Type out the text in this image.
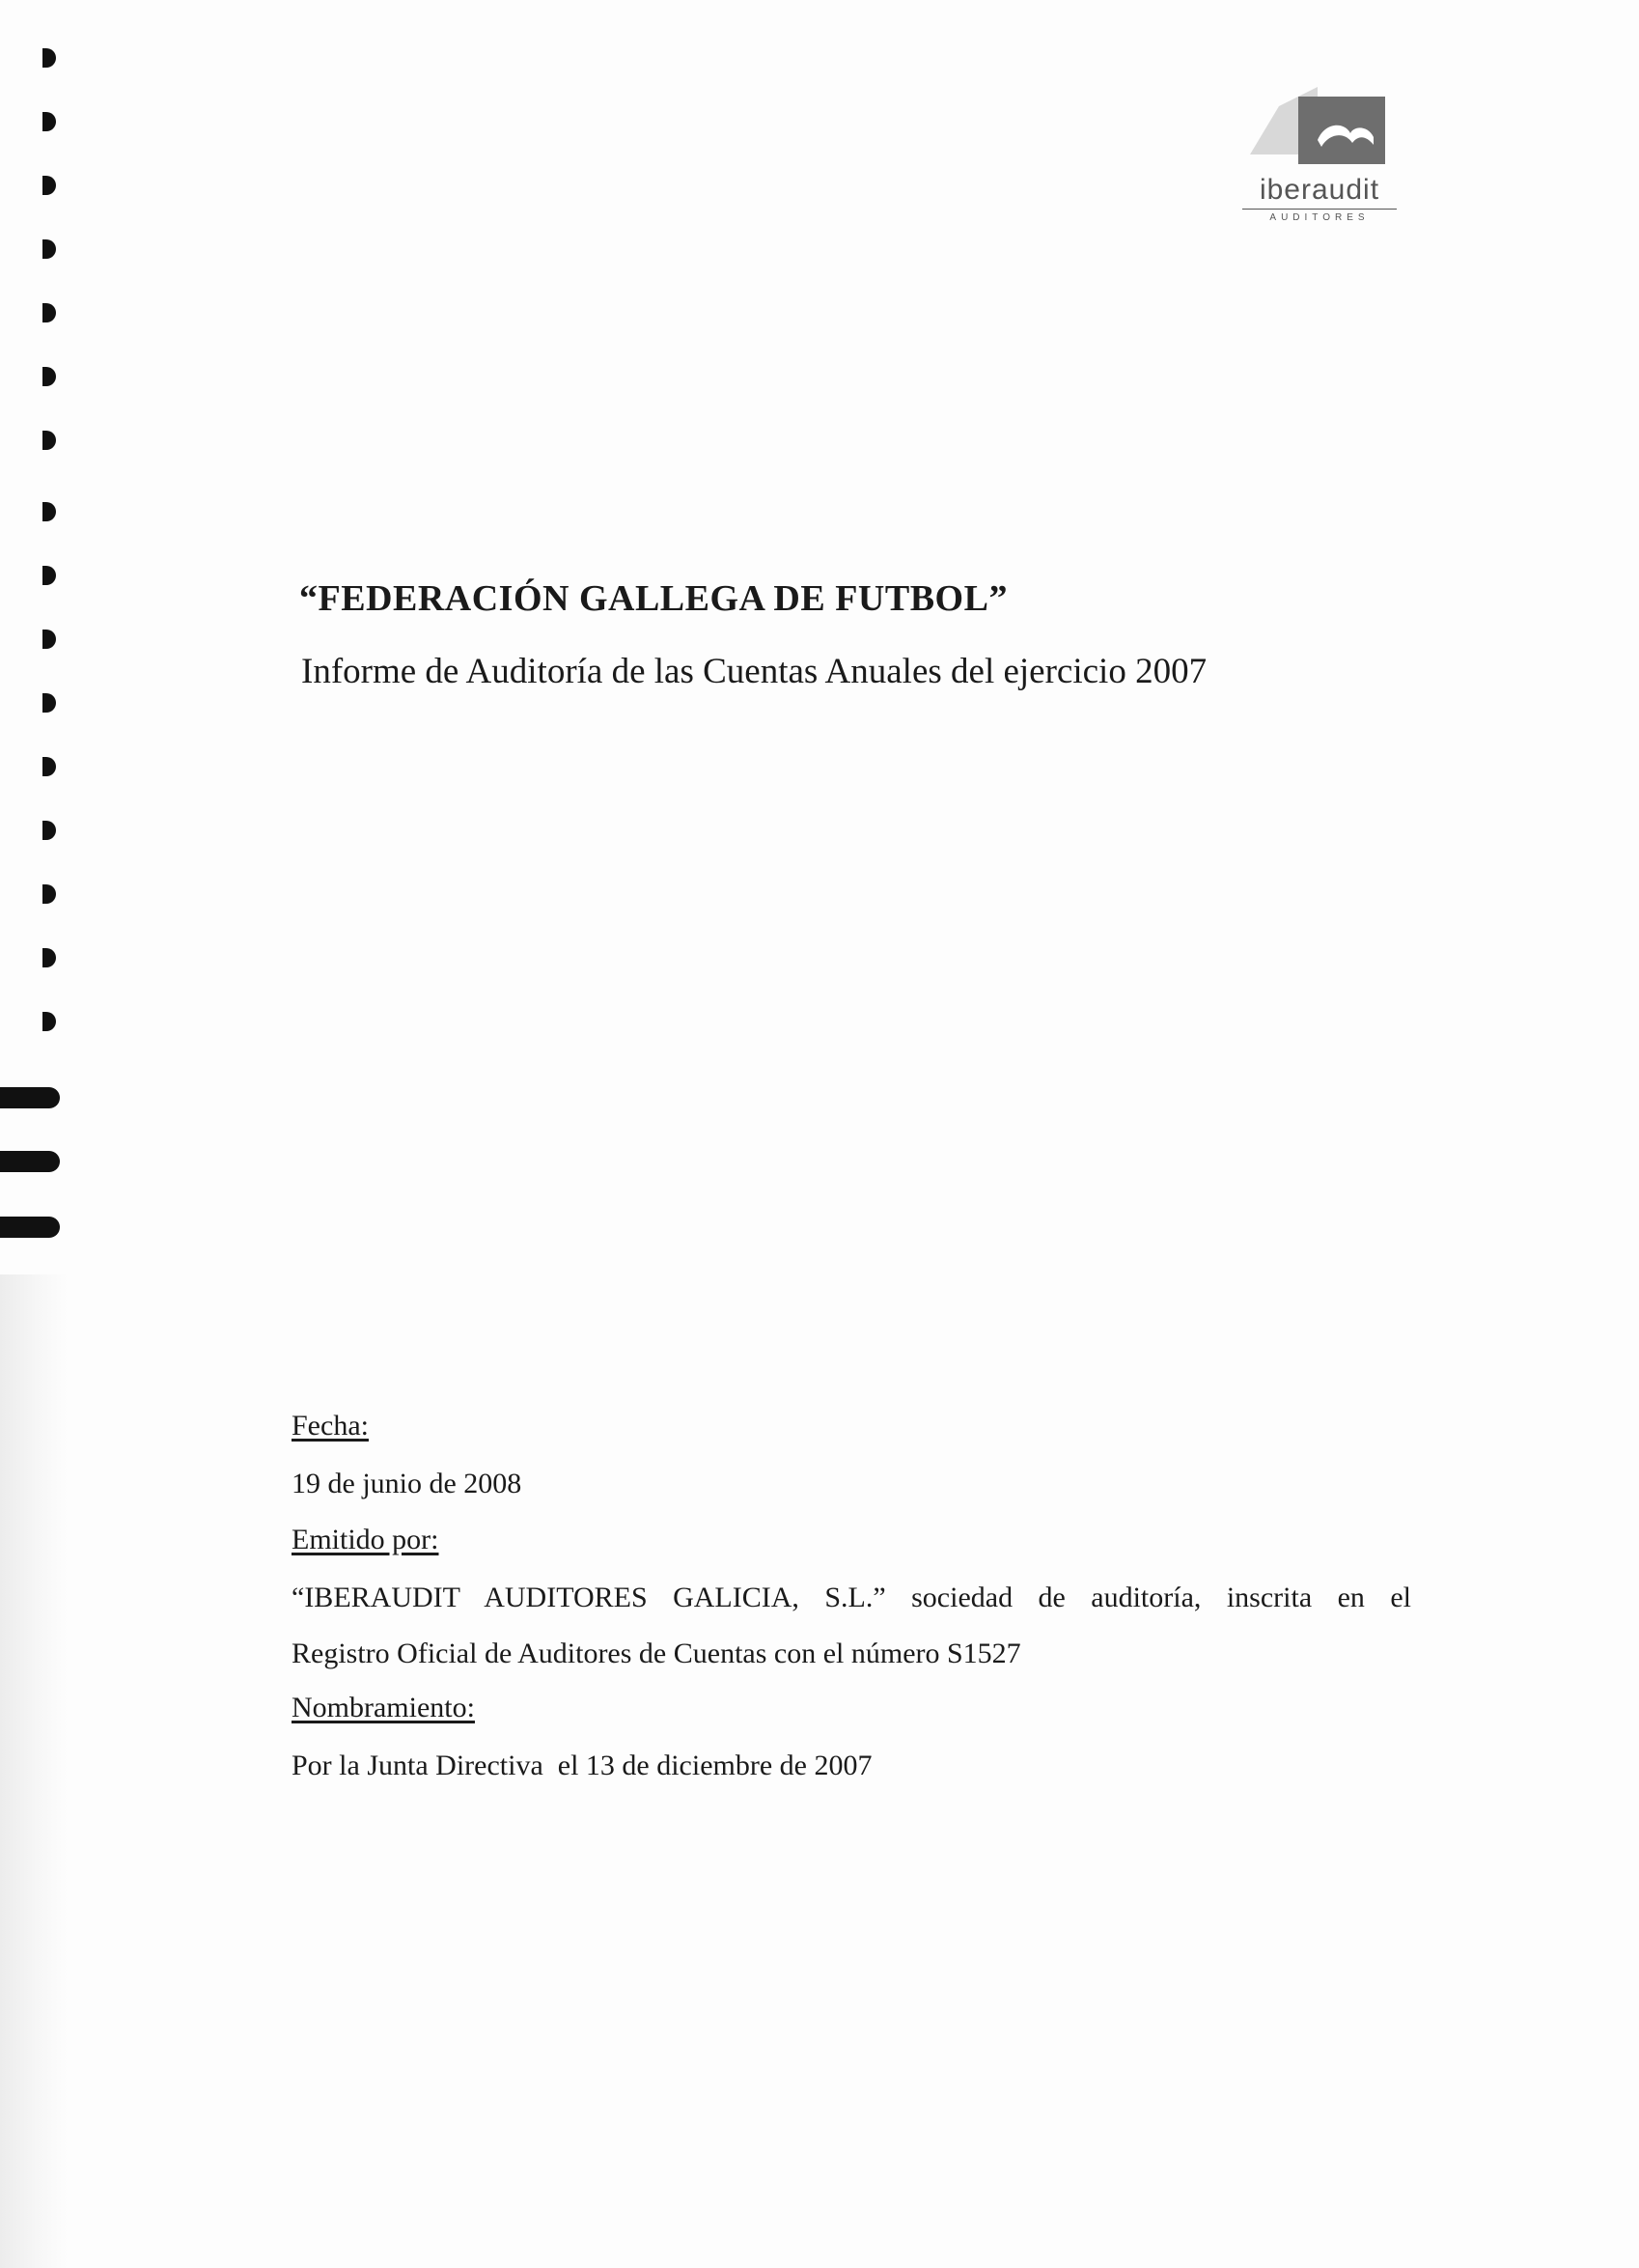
iberaudit
AUDITORES
“FEDERACIÓN GALLEGA DE FUTBOL”
Informe de Auditoría de las Cuentas Anuales del ejercicio 2007
Fecha:
19 de junio de 2008
Emitido por:
“IBERAUDIT AUDITORES GALICIA, S.L.” sociedad de auditoría, inscrita en el
Registro Oficial de Auditores de Cuentas con el número S1527
Nombramiento:
Por la Junta Directiva  el 13 de diciembre de 2007
